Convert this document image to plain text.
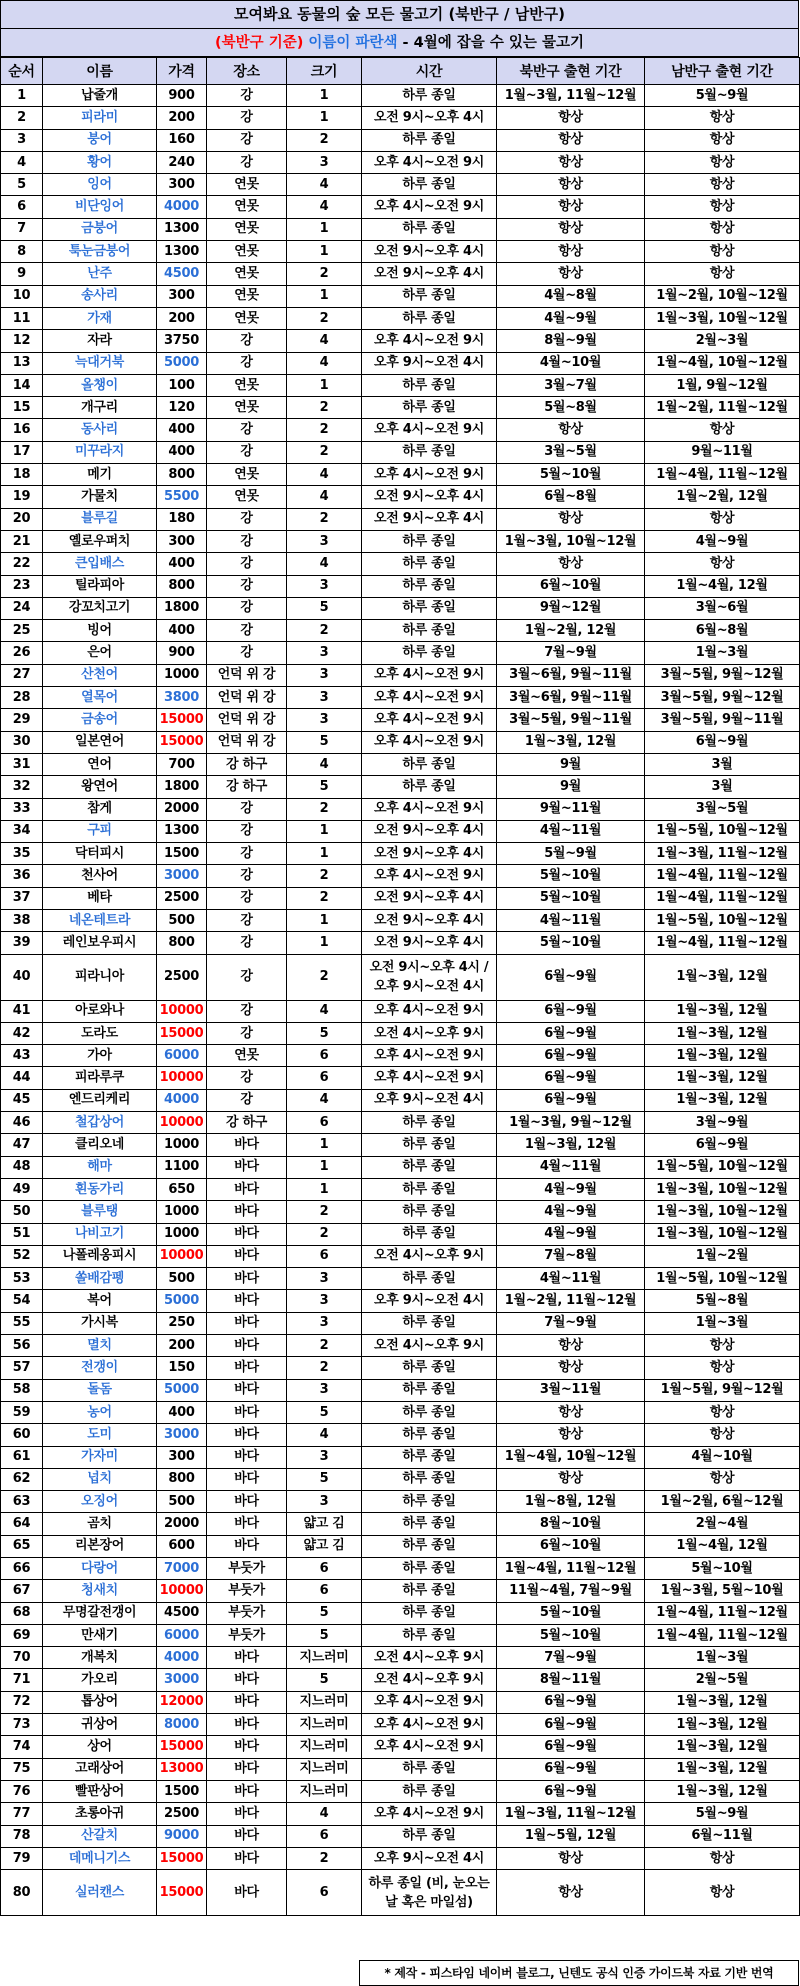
모여봐요 동물의 숲 모든 물고기 (북반구 / 남반구)
(북반구 기준) 이름이 파란색 - 4월에 잡을 수 있는 물고기
순서	이름	가격	장소	크기	시간	북반구 출현 기간	남반구 출현 기간
1	납줄개	900	강	1	하루 종일	1월~3월, 11월~12월	5월~9월
2	피라미	200	강	1	오전 9시~오후 4시	항상	항상
3	붕어	160	강	2	하루 종일	항상	항상
4	황어	240	강	3	오후 4시~오전 9시	항상	항상
5	잉어	300	연못	4	하루 종일	항상	항상
6	비단잉어	4000	연못	4	오후 4시~오전 9시	항상	항상
7	금붕어	1300	연못	1	하루 종일	항상	항상
8	툭눈금붕어	1300	연못	1	오전 9시~오후 4시	항상	항상
9	난주	4500	연못	2	오전 9시~오후 4시	항상	항상
10	송사리	300	연못	1	하루 종일	4월~8월	1월~2월, 10월~12월
11	가재	200	연못	2	하루 종일	4월~9월	1월~3월, 10월~12월
12	자라	3750	강	4	오후 4시~오전 9시	8월~9월	2월~3월
13	늑대거북	5000	강	4	오후 9시~오전 4시	4월~10월	1월~4월, 10월~12월
14	올챙이	100	연못	1	하루 종일	3월~7월	1월, 9월~12월
15	개구리	120	연못	2	하루 종일	5월~8월	1월~2월, 11월~12월
16	동사리	400	강	2	오후 4시~오전 9시	항상	항상
17	미꾸라지	400	강	2	하루 종일	3월~5월	9월~11월
18	메기	800	연못	4	오후 4시~오전 9시	5월~10월	1월~4월, 11월~12월
19	가물치	5500	연못	4	오전 9시~오후 4시	6월~8월	1월~2월, 12월
20	블루길	180	강	2	오전 9시~오후 4시	항상	항상
21	옐로우퍼치	300	강	3	하루 종일	1월~3월, 10월~12월	4월~9월
22	큰입배스	400	강	4	하루 종일	항상	항상
23	틸라피아	800	강	3	하루 종일	6월~10월	1월~4월, 12월
24	강꼬치고기	1800	강	5	하루 종일	9월~12월	3월~6월
25	빙어	400	강	2	하루 종일	1월~2월, 12월	6월~8월
26	은어	900	강	3	하루 종일	7월~9월	1월~3월
27	산천어	1000	언덕 위 강	3	오후 4시~오전 9시	3월~6월, 9월~11월	3월~5월, 9월~12월
28	열목어	3800	언덕 위 강	3	오후 4시~오전 9시	3월~6월, 9월~11월	3월~5월, 9월~12월
29	금송어	15000	언덕 위 강	3	오후 4시~오전 9시	3월~5월, 9월~11월	3월~5월, 9월~11월
30	일본연어	15000	언덕 위 강	5	오후 4시~오전 9시	1월~3월, 12월	6월~9월
31	연어	700	강 하구	4	하루 종일	9월	3월
32	왕연어	1800	강 하구	5	하루 종일	9월	3월
33	참게	2000	강	2	오후 4시~오전 9시	9월~11월	3월~5월
34	구피	1300	강	1	오전 9시~오후 4시	4월~11월	1월~5월, 10월~12월
35	닥터피시	1500	강	1	오전 9시~오후 4시	5월~9월	1월~3월, 11월~12월
36	천사어	3000	강	2	오후 4시~오전 9시	5월~10월	1월~4월, 11월~12월
37	베타	2500	강	2	오전 9시~오후 4시	5월~10월	1월~4월, 11월~12월
38	네온테트라	500	강	1	오전 9시~오후 4시	4월~11월	1월~5월, 10월~12월
39	레인보우피시	800	강	1	오전 9시~오후 4시	5월~10월	1월~4월, 11월~12월
40	피라니아	2500	강	2	오전 9시~오후 4시 / 오후 9시~오전 4시	6월~9월	1월~3월, 12월
41	아로와나	10000	강	4	오후 4시~오전 9시	6월~9월	1월~3월, 12월
42	도라도	15000	강	5	오전 4시~오후 9시	6월~9월	1월~3월, 12월
43	가아	6000	연못	6	오후 4시~오전 9시	6월~9월	1월~3월, 12월
44	피라루쿠	10000	강	6	오후 4시~오전 9시	6월~9월	1월~3월, 12월
45	엔드리케리	4000	강	4	오후 9시~오전 4시	6월~9월	1월~3월, 12월
46	철갑상어	10000	강 하구	6	하루 종일	1월~3월, 9월~12월	3월~9월
47	클리오네	1000	바다	1	하루 종일	1월~3월, 12월	6월~9월
48	해마	1100	바다	1	하루 종일	4월~11월	1월~5월, 10월~12월
49	흰동가리	650	바다	1	하루 종일	4월~9월	1월~3월, 10월~12월
50	블루탱	1000	바다	2	하루 종일	4월~9월	1월~3월, 10월~12월
51	나비고기	1000	바다	2	하루 종일	4월~9월	1월~3월, 10월~12월
52	나폴레옹피시	10000	바다	6	오전 4시~오후 9시	7월~8월	1월~2월
53	쏠배감펭	500	바다	3	하루 종일	4월~11월	1월~5월, 10월~12월
54	복어	5000	바다	3	오후 9시~오전 4시	1월~2월, 11월~12월	5월~8월
55	가시복	250	바다	3	하루 종일	7월~9월	1월~3월
56	멸치	200	바다	2	오전 4시~오후 9시	항상	항상
57	전갱이	150	바다	2	하루 종일	항상	항상
58	돌돔	5000	바다	3	하루 종일	3월~11월	1월~5월, 9월~12월
59	농어	400	바다	5	하루 종일	항상	항상
60	도미	3000	바다	4	하루 종일	항상	항상
61	가자미	300	바다	3	하루 종일	1월~4월, 10월~12월	4월~10월
62	넙치	800	바다	5	하루 종일	항상	항상
63	오징어	500	바다	3	하루 종일	1월~8월, 12월	1월~2월, 6월~12월
64	곰치	2000	바다	얇고 김	하루 종일	8월~10월	2월~4월
65	리본장어	600	바다	얇고 김	하루 종일	6월~10월	1월~4월, 12월
66	다랑어	7000	부둣가	6	하루 종일	1월~4월, 11월~12월	5월~10월
67	청새치	10000	부둣가	6	하루 종일	11월~4월, 7월~9월	1월~3월, 5월~10월
68	무명갈전갱이	4500	부둣가	5	하루 종일	5월~10월	1월~4월, 11월~12월
69	만새기	6000	부둣가	5	하루 종일	5월~10월	1월~4월, 11월~12월
70	개복치	4000	바다	지느러미	오전 4시~오후 9시	7월~9월	1월~3월
71	가오리	3000	바다	5	오전 4시~오후 9시	8월~11월	2월~5월
72	톱상어	12000	바다	지느러미	오후 4시~오전 9시	6월~9월	1월~3월, 12월
73	귀상어	8000	바다	지느러미	오후 4시~오전 9시	6월~9월	1월~3월, 12월
74	상어	15000	바다	지느러미	오후 4시~오전 9시	6월~9월	1월~3월, 12월
75	고래상어	13000	바다	지느러미	하루 종일	6월~9월	1월~3월, 12월
76	빨판상어	1500	바다	지느러미	하루 종일	6월~9월	1월~3월, 12월
77	초롱아귀	2500	바다	4	오후 4시~오전 9시	1월~3월, 11월~12월	5월~9월
78	산갈치	9000	바다	6	하루 종일	1월~5월, 12월	6월~11월
79	데메니기스	15000	바다	2	오후 9시~오전 4시	항상	항상
80	실러캔스	15000	바다	6	하루 종일 (비, 눈오는 날 혹은 마일섬)	항상	항상
* 제작 - 피스타임 네이버 블로그, 닌텐도 공식 인증 가이드북 자료 기반 번역
